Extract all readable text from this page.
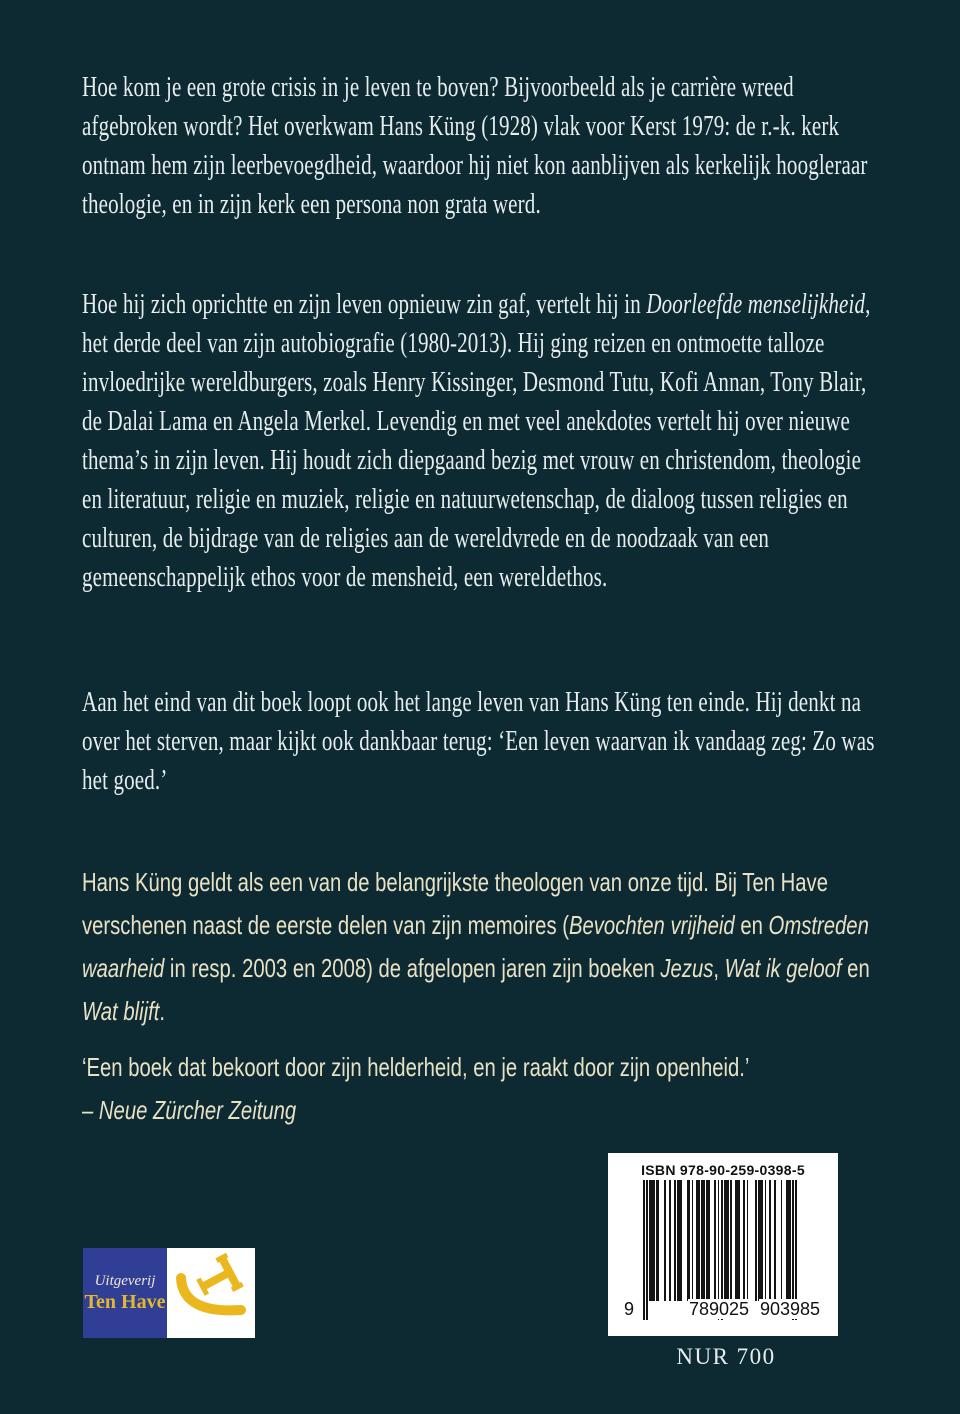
Hoe kom je een grote crisis in je leven te boven? Bijvoorbeeld als je carrière wreed afgebroken wordt? Het overkwam Hans Küng (1928) vlak voor Kerst 1979: de r.-k. kerk ontnam hem zijn leerbevoegdheid, waardoor hij niet kon aanblijven als kerkelijk hoogleraar theologie, en in zijn kerk een persona non grata werd.
Hoe hij zich oprichtte en zijn leven opnieuw zin gaf, vertelt hij in Doorleefde menselijkheid, het derde deel van zijn autobiografie (1980-2013). Hij ging reizen en ontmoette talloze invloedrijke wereldburgers, zoals Henry Kissinger, Desmond Tutu, Kofi Annan, Tony Blair, de Dalai Lama en Angela Merkel. Levendig en met veel anekdotes vertelt hij over nieuwe thema’s in zijn leven. Hij houdt zich diepgaand bezig met vrouw en christendom, theologie en literatuur, religie en muziek, religie en natuurwetenschap, de dialoog tussen religies en culturen, de bijdrage van de religies aan de wereldvrede en de noodzaak van een gemeenschappelijk ethos voor de mensheid, een wereldethos.
Aan het eind van dit boek loopt ook het lange leven van Hans Küng ten einde. Hij denkt na over het sterven, maar kijkt ook dankbaar terug: ‘Een leven waarvan ik vandaag zeg: Zo was het goed.’
Hans Küng geldt als een van de belangrijkste theologen van onze tijd. Bij Ten Have verschenen naast de eerste delen van zijn memoires (Bevochten vrijheid en Omstreden waarheid in resp. 2003 en 2008) de afgelopen jaren zijn boeken Jezus, Wat ik geloof en Wat blijft.
‘Een boek dat bekoort door zijn helderheid, en je raakt door zijn openheid.’
– Neue Zürcher Zeitung
Uitgeverij
Ten Have
ISBN 978-90-259-0398-5
9	789025 903985
NUR 700
